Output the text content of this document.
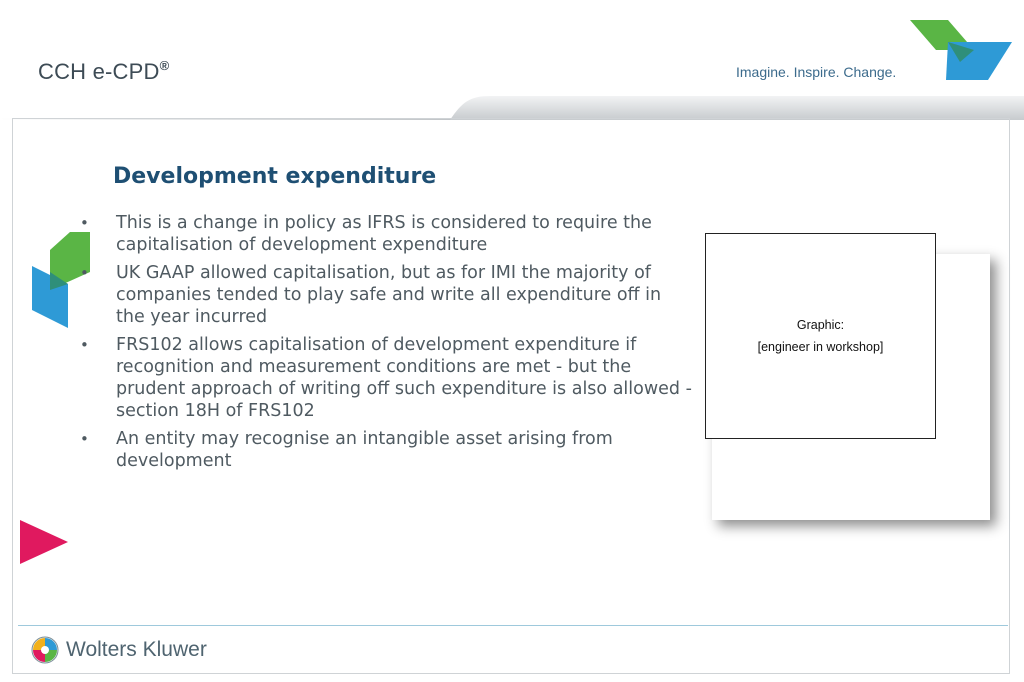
CCH e-CPD®	Imagine. Inspire. Change.
Development expenditure
• This is a change in policy as IFRS is considered to require the capitalisation of development expenditure
• UK GAAP allowed capitalisation, but as for IMI the majority of companies tended to play safe and write all expenditure off in the year incurred
• FRS102 allows capitalisation of development expenditure if recognition and measurement conditions are met - but the prudent approach of writing off such expenditure is also allowed - section 18H of FRS102
• An entity may recognise an intangible asset arising from development
Graphic:
[engineer in workshop]
Wolters Kluwer
